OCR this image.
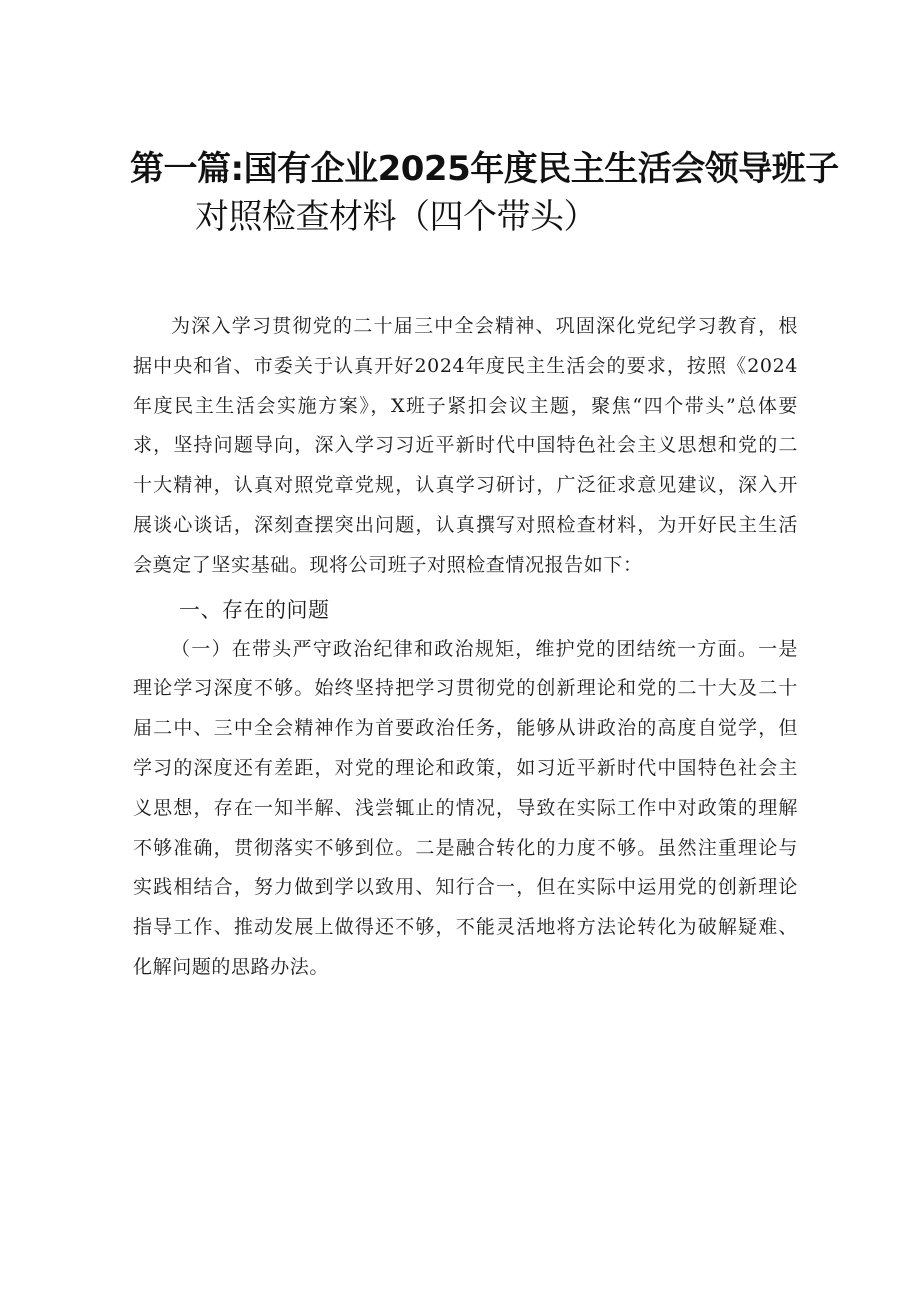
第一篇:国有企业2025年度民主生活会领导班子
对照检查材料（四个带头）

为深入学习贯彻党的二十届三中全会精神、巩固深化党纪学习教育，根据中央和省、市委关于认真开好2024年度民主生活会的要求，按照《2024年度民主生活会实施方案》，X班子紧扣会议主题，聚焦“四个带头”总体要求，坚持问题导向，深入学习习近平新时代中国特色社会主义思想和党的二十大精神，认真对照党章党规，认真学习研讨，广泛征求意见建议，深入开展谈心谈话，深刻查摆突出问题，认真撰写对照检查材料，为开好民主生活会奠定了坚实基础。现将公司班子对照检查情况报告如下：

一、存在的问题

（一）在带头严守政治纪律和政治规矩，维护党的团结统一方面。一是理论学习深度不够。始终坚持把学习贯彻党的创新理论和党的二十大及二十届二中、三中全会精神作为首要政治任务，能够从讲政治的高度自觉学，但学习的深度还有差距，对党的理论和政策，如习近平新时代中国特色社会主义思想，存在一知半解、浅尝辄止的情况，导致在实际工作中对政策的理解不够准确，贯彻落实不够到位。二是融合转化的力度不够。虽然注重理论与实践相结合，努力做到学以致用、知行合一，但在实际中运用党的创新理论指导工作、推动发展上做得还不够，不能灵活地将方法论转化为破解疑难、化解问题的思路办法。
